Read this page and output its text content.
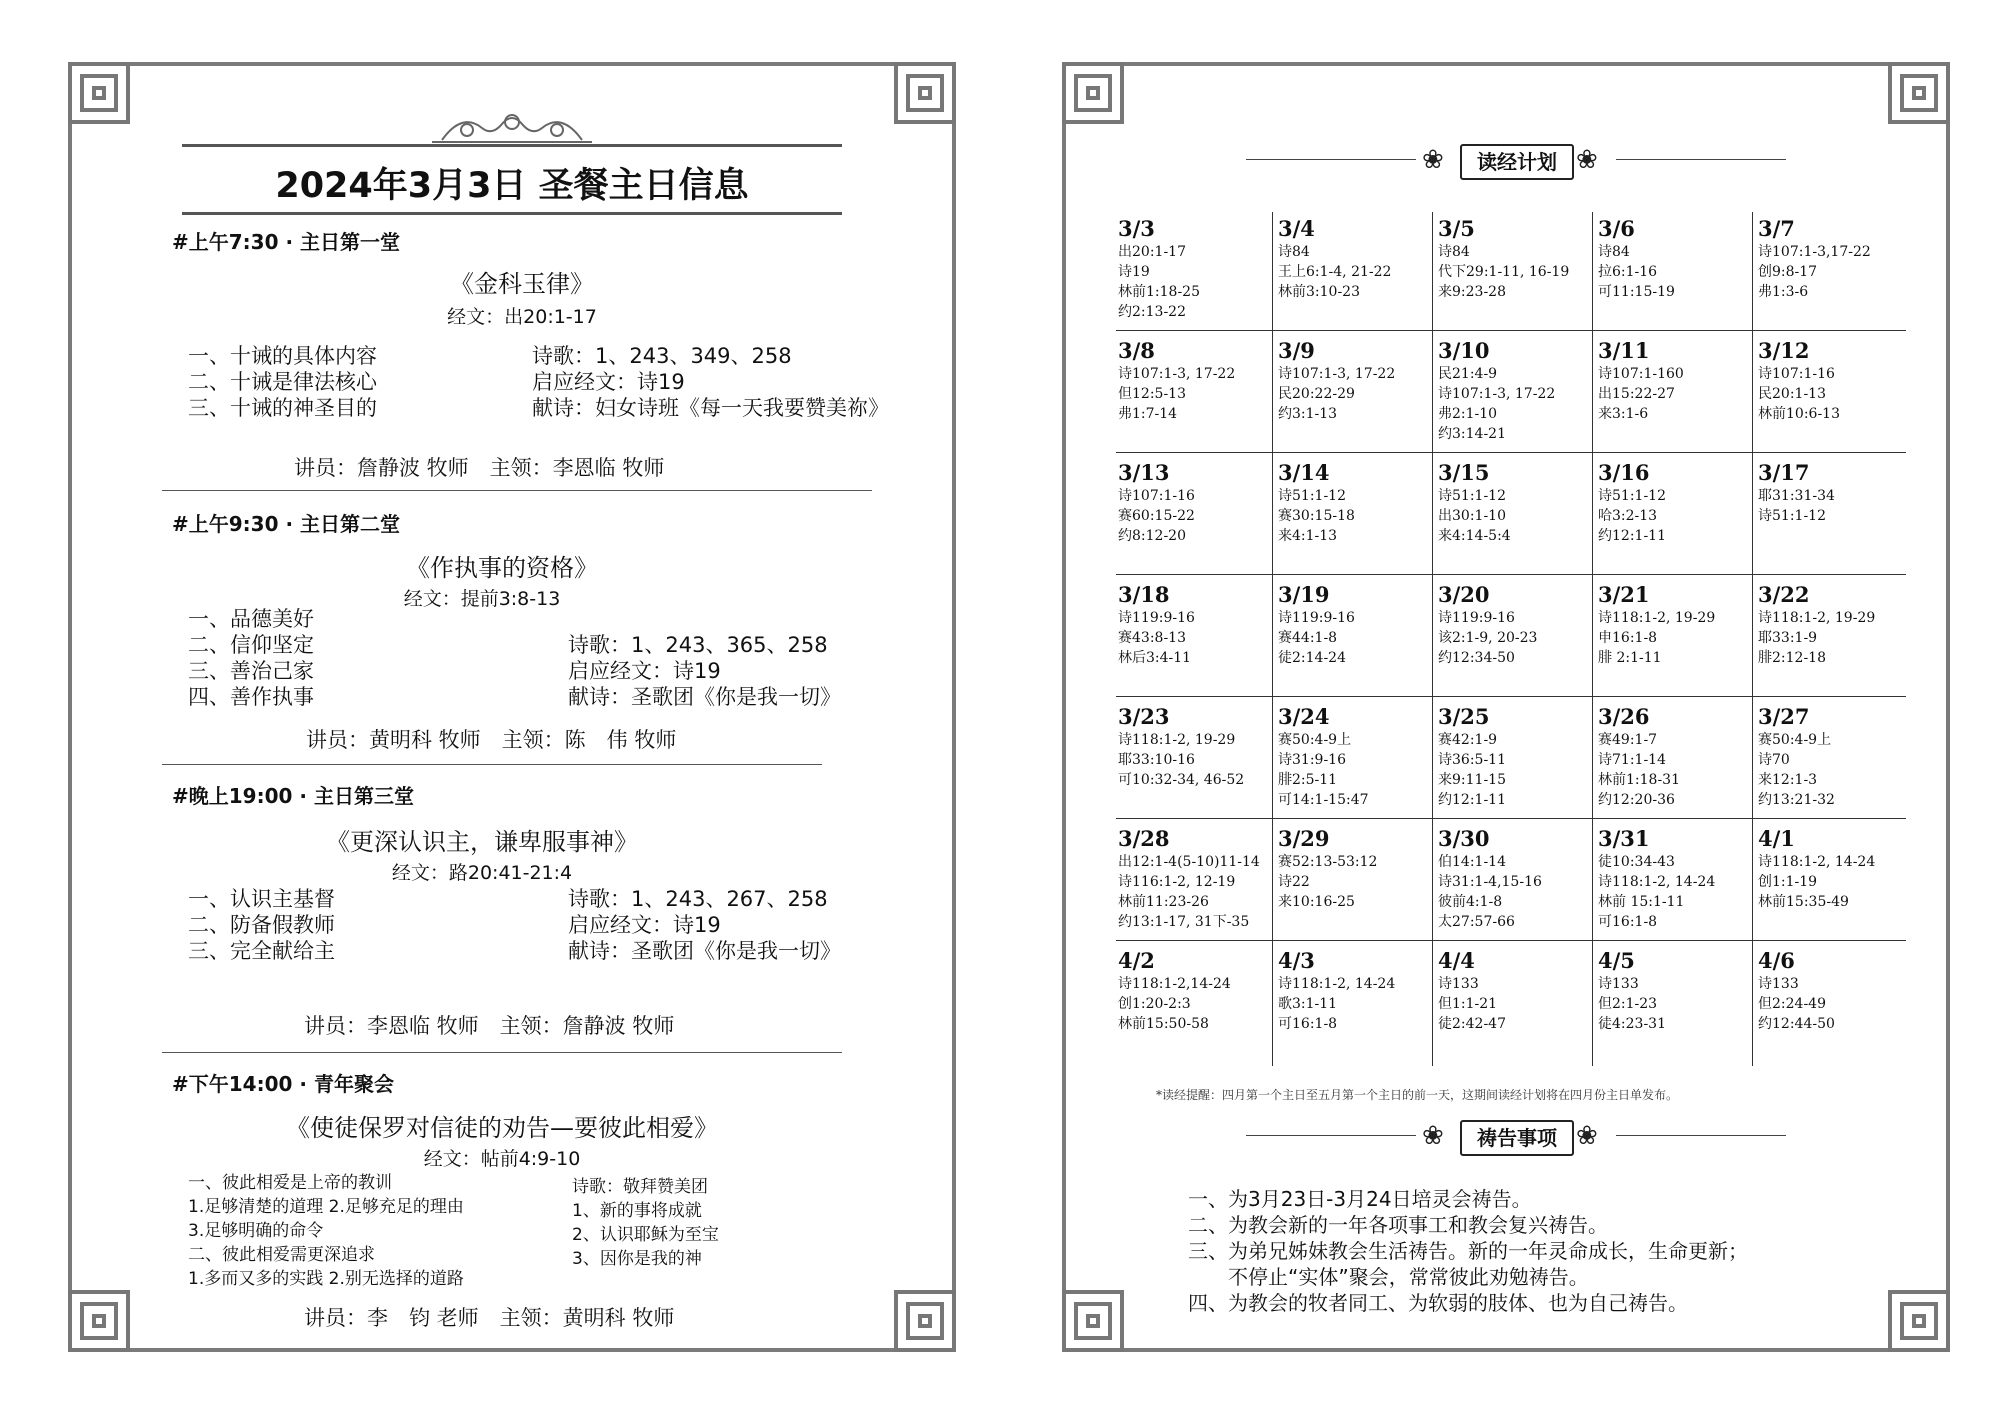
2024年3月3日 圣餐主日信息
#上午7:30 · 主日第一堂
《金科玉律》
经文：出20:1-17
一、十诫的具体内容
二、十诫是律法核心
三、十诫的神圣目的
诗歌：1、243、349、258
启应经文：诗19
献诗：妇女诗班《每一天我要赞美祢》
讲员：詹静波 牧师　主领：李恩临 牧师
#上午9:30 · 主日第二堂
《作执事的资格》
经文：提前3:8-13
一、品德美好
二、信仰坚定
三、善治己家
四、善作执事
诗歌：1、243、365、258
启应经文：诗19
献诗：圣歌团《你是我一切》
讲员：黄明科 牧师　主领：陈　伟 牧师
#晚上19:00 · 主日第三堂
《更深认识主，谦卑服事神》
经文：路20:41-21:4
一、认识主基督
二、防备假教师
三、完全献给主
诗歌：1、243、267、258
启应经文：诗19
献诗：圣歌团《你是我一切》
讲员：李恩临 牧师　主领：詹静波 牧师
#下午14:00 · 青年聚会
《使徒保罗对信徒的劝告—要彼此相爱》
经文：帖前4:9-10
一、彼此相爱是上帝的教训
1.足够清楚的道理 2.足够充足的理由
3.足够明确的命令
二、彼此相爱需更深追求
1.多而又多的实践 2.别无选择的道路
诗歌：敬拜赞美团
1、新的事将成就
2、认识耶稣为至宝
3、因你是我的神
讲员：李　钧 老师　主领：黄明科 牧师
❀	读经计划 ❀
3/3
出20:1-17
诗19
林前1:18-25
约2:13-22
3/4
诗84
王上6:1-4, 21-22
林前3:10-23
3/5
诗84
代下29:1-11, 16-19
来9:23-28
3/6
诗84
拉6:1-16
可11:15-19
3/7
诗107:1-3,17-22
创9:8-17
弗1:3-6
3/8
诗107:1-3, 17-22
但12:5-13
弗1:7-14
3/9
诗107:1-3, 17-22
民20:22-29
约3:1-13
3/10
民21:4-9
诗107:1-3, 17-22
弗2:1-10
约3:14-21
3/11
诗107:1-160
出15:22-27
来3:1-6
3/12
诗107:1-16
民20:1-13
林前10:6-13
3/13
诗107:1-16
赛60:15-22
约8:12-20
3/14
诗51:1-12
赛30:15-18
来4:1-13
3/15
诗51:1-12
出30:1-10
来4:14-5:4
3/16
诗51:1-12
哈3:2-13
约12:1-11
3/17
耶31:31-34
诗51:1-12
3/18
诗119:9-16
赛43:8-13
林后3:4-11
3/19
诗119:9-16
赛44:1-8
徒2:14-24
3/20
诗119:9-16
该2:1-9, 20-23
约12:34-50
3/21
诗118:1-2, 19-29
申16:1-8
腓 2:1-11
3/22
诗118:1-2, 19-29
耶33:1-9
腓2:12-18
3/23
诗118:1-2, 19-29
耶33:10-16
可10:32-34, 46-52
3/24
赛50:4-9上
诗31:9-16
腓2:5-11
可14:1-15:47
3/25
赛42:1-9
诗36:5-11
来9:11-15
约12:1-11
3/26
赛49:1-7
诗71:1-14
林前1:18-31
约12:20-36
3/27
赛50:4-9上
诗70
来12:1-3
约13:21-32
3/28
出12:1-4(5-10)11-14
诗116:1-2, 12-19
林前11:23-26
约13:1-17, 31下-35
3/29
赛52:13-53:12
诗22
来10:16-25
3/30
伯14:1-14
诗31:1-4,15-16
彼前4:1-8
太27:57-66
3/31
徒10:34-43
诗118:1-2, 14-24
林前 15:1-11
可16:1-8
4/1
诗118:1-2, 14-24
创1:1-19
林前15:35-49
4/2
诗118:1-2,14-24
创1:20-2:3
林前15:50-58
4/3
诗118:1-2, 14-24
歌3:1-11
可16:1-8
4/4
诗133
但1:1-21
徒2:42-47
4/5
诗133
但2:1-23
徒4:23-31
4/6
诗133
但2:24-49
约12:44-50
*读经提醒：四月第一个主日至五月第一个主日的前一天，这期间读经计划将在四月份主日单发布。
❀	祷告事项 ❀
一、为3月23日-3月24日培灵会祷告。
二、为教会新的一年各项事工和教会复兴祷告。
三、为弟兄姊妹教会生活祷告。新的一年灵命成长，生命更新；
　　不停止“实体”聚会，常常彼此劝勉祷告。
四、为教会的牧者同工、为软弱的肢体、也为自己祷告。
